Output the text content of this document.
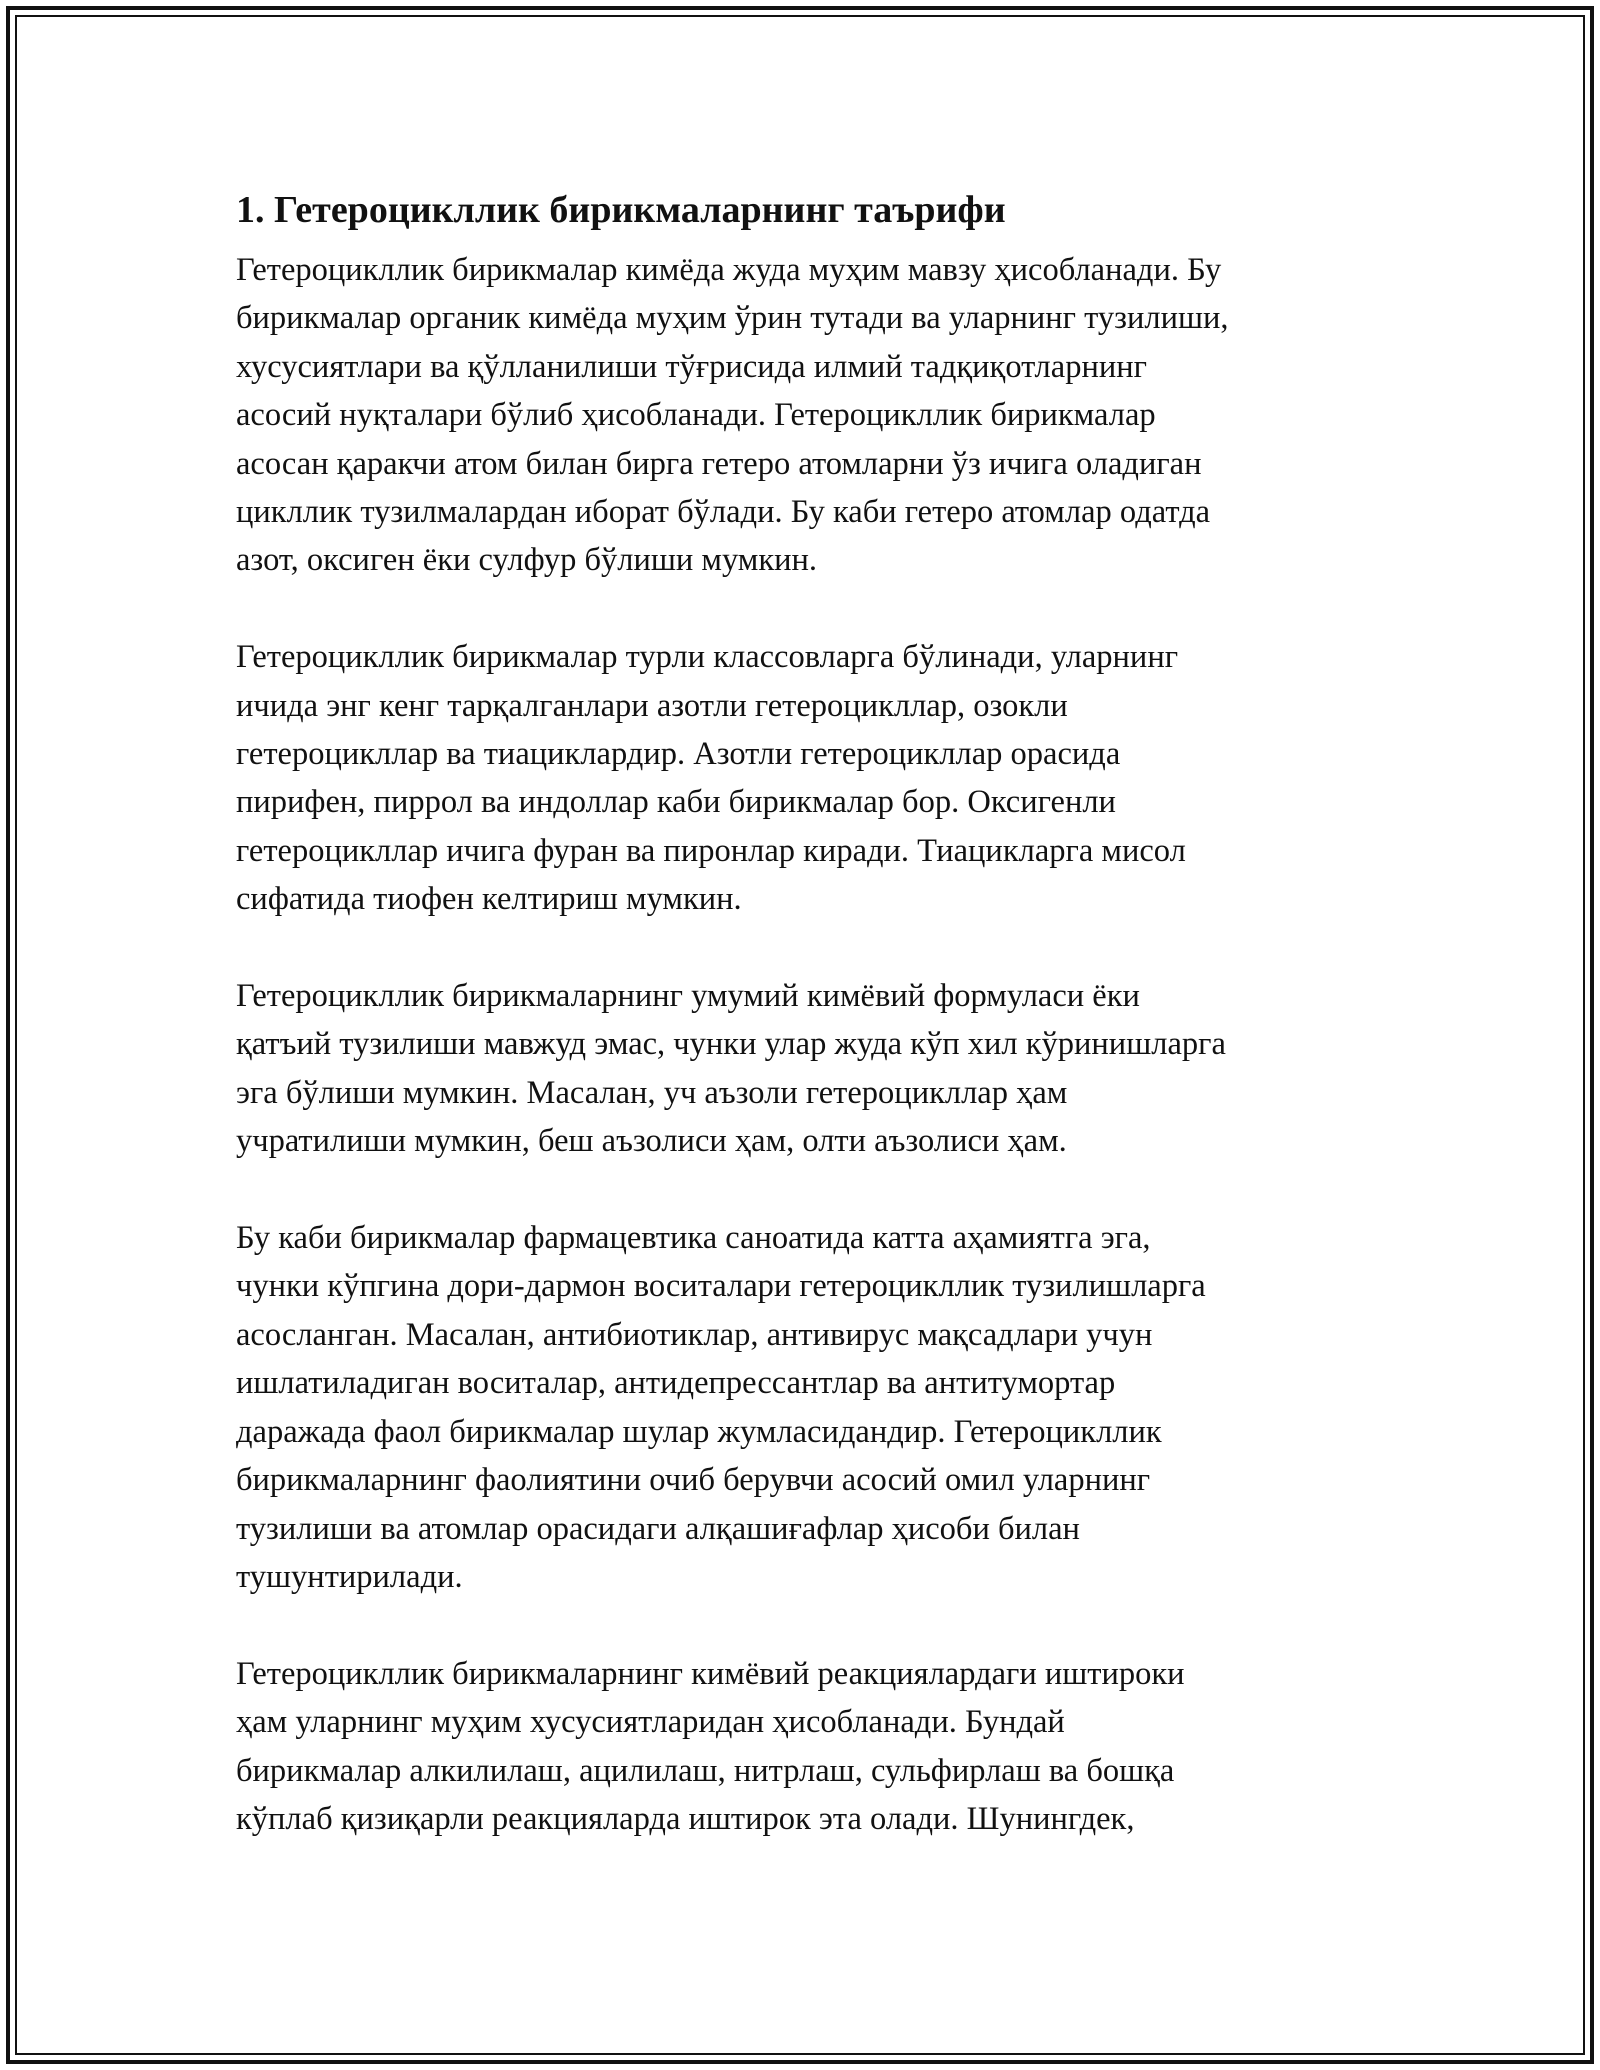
1. Гетероцикллик бирикмаларнинг таърифи

Гетероцикллик бирикмалар кимёда жуда муҳим мавзу ҳисобланади. Бу
бирикмалар органик кимёда муҳим ўрин тутади ва уларнинг тузилиши,
хусусиятлари ва қўлланилиши тўғрисида илмий тадқиқотларнинг
асосий нуқталари бўлиб ҳисобланади. Гетероцикллик бирикмалар
асосан қаракчи атом билан бирга гетеро атомларни ўз ичига оладиган
цикллик тузилмалардан иборат бўлади. Бу каби гетеро атомлар одатда
азот, оксиген ёки сулфур бўлиши мумкин.

Гетероцикллик бирикмалар турли классовларга бўлинади, уларнинг
ичида энг кенг тарқалганлари азотли гетероцикллар, озокли
гетероцикллар ва тиациклардир. Азотли гетероцикллар орасида
пирифен, пиррол ва индоллар каби бирикмалар бор. Оксигенли
гетероцикллар ичига фуран ва пиронлар киради. Тиацикларга мисол
сифатида тиофен келтириш мумкин.

Гетероцикллик бирикмаларнинг умумий кимёвий формуласи ёки
қатъий тузилиши мавжуд эмас, чунки улар жуда кўп хил кўринишларга
эга бўлиши мумкин. Масалан, уч аъзоли гетероцикллар ҳам
учратилиши мумкин, беш аъзолиси ҳам, олти аъзолиси ҳам.

Бу каби бирикмалар фармацевтика саноатида катта аҳамиятга эга,
чунки кўпгина дори-дармон воситалари гетероцикллик тузилишларга
асосланган. Масалан, антибиотиклар, антивирус мақсадлари учун
ишлатиладиган воситалар, антидепрессантлар ва антитумортар
даражада фаол бирикмалар шулар жумласидандир. Гетероцикллик
бирикмаларнинг фаолиятини очиб берувчи асосий омил уларнинг
тузилиши ва атомлар орасидаги алқашиғафлар ҳисоби билан
тушунтирилади.

Гетероцикллик бирикмаларнинг кимёвий реакциялардаги иштироки
ҳам уларнинг муҳим хусусиятларидан ҳисобланади. Бундай
бирикмалар алкилилаш, ацилилаш, нитрлаш, сульфирлаш ва бошқа
кўплаб қизиқарли реакцияларда иштирок эта олади. Шунингдек,
